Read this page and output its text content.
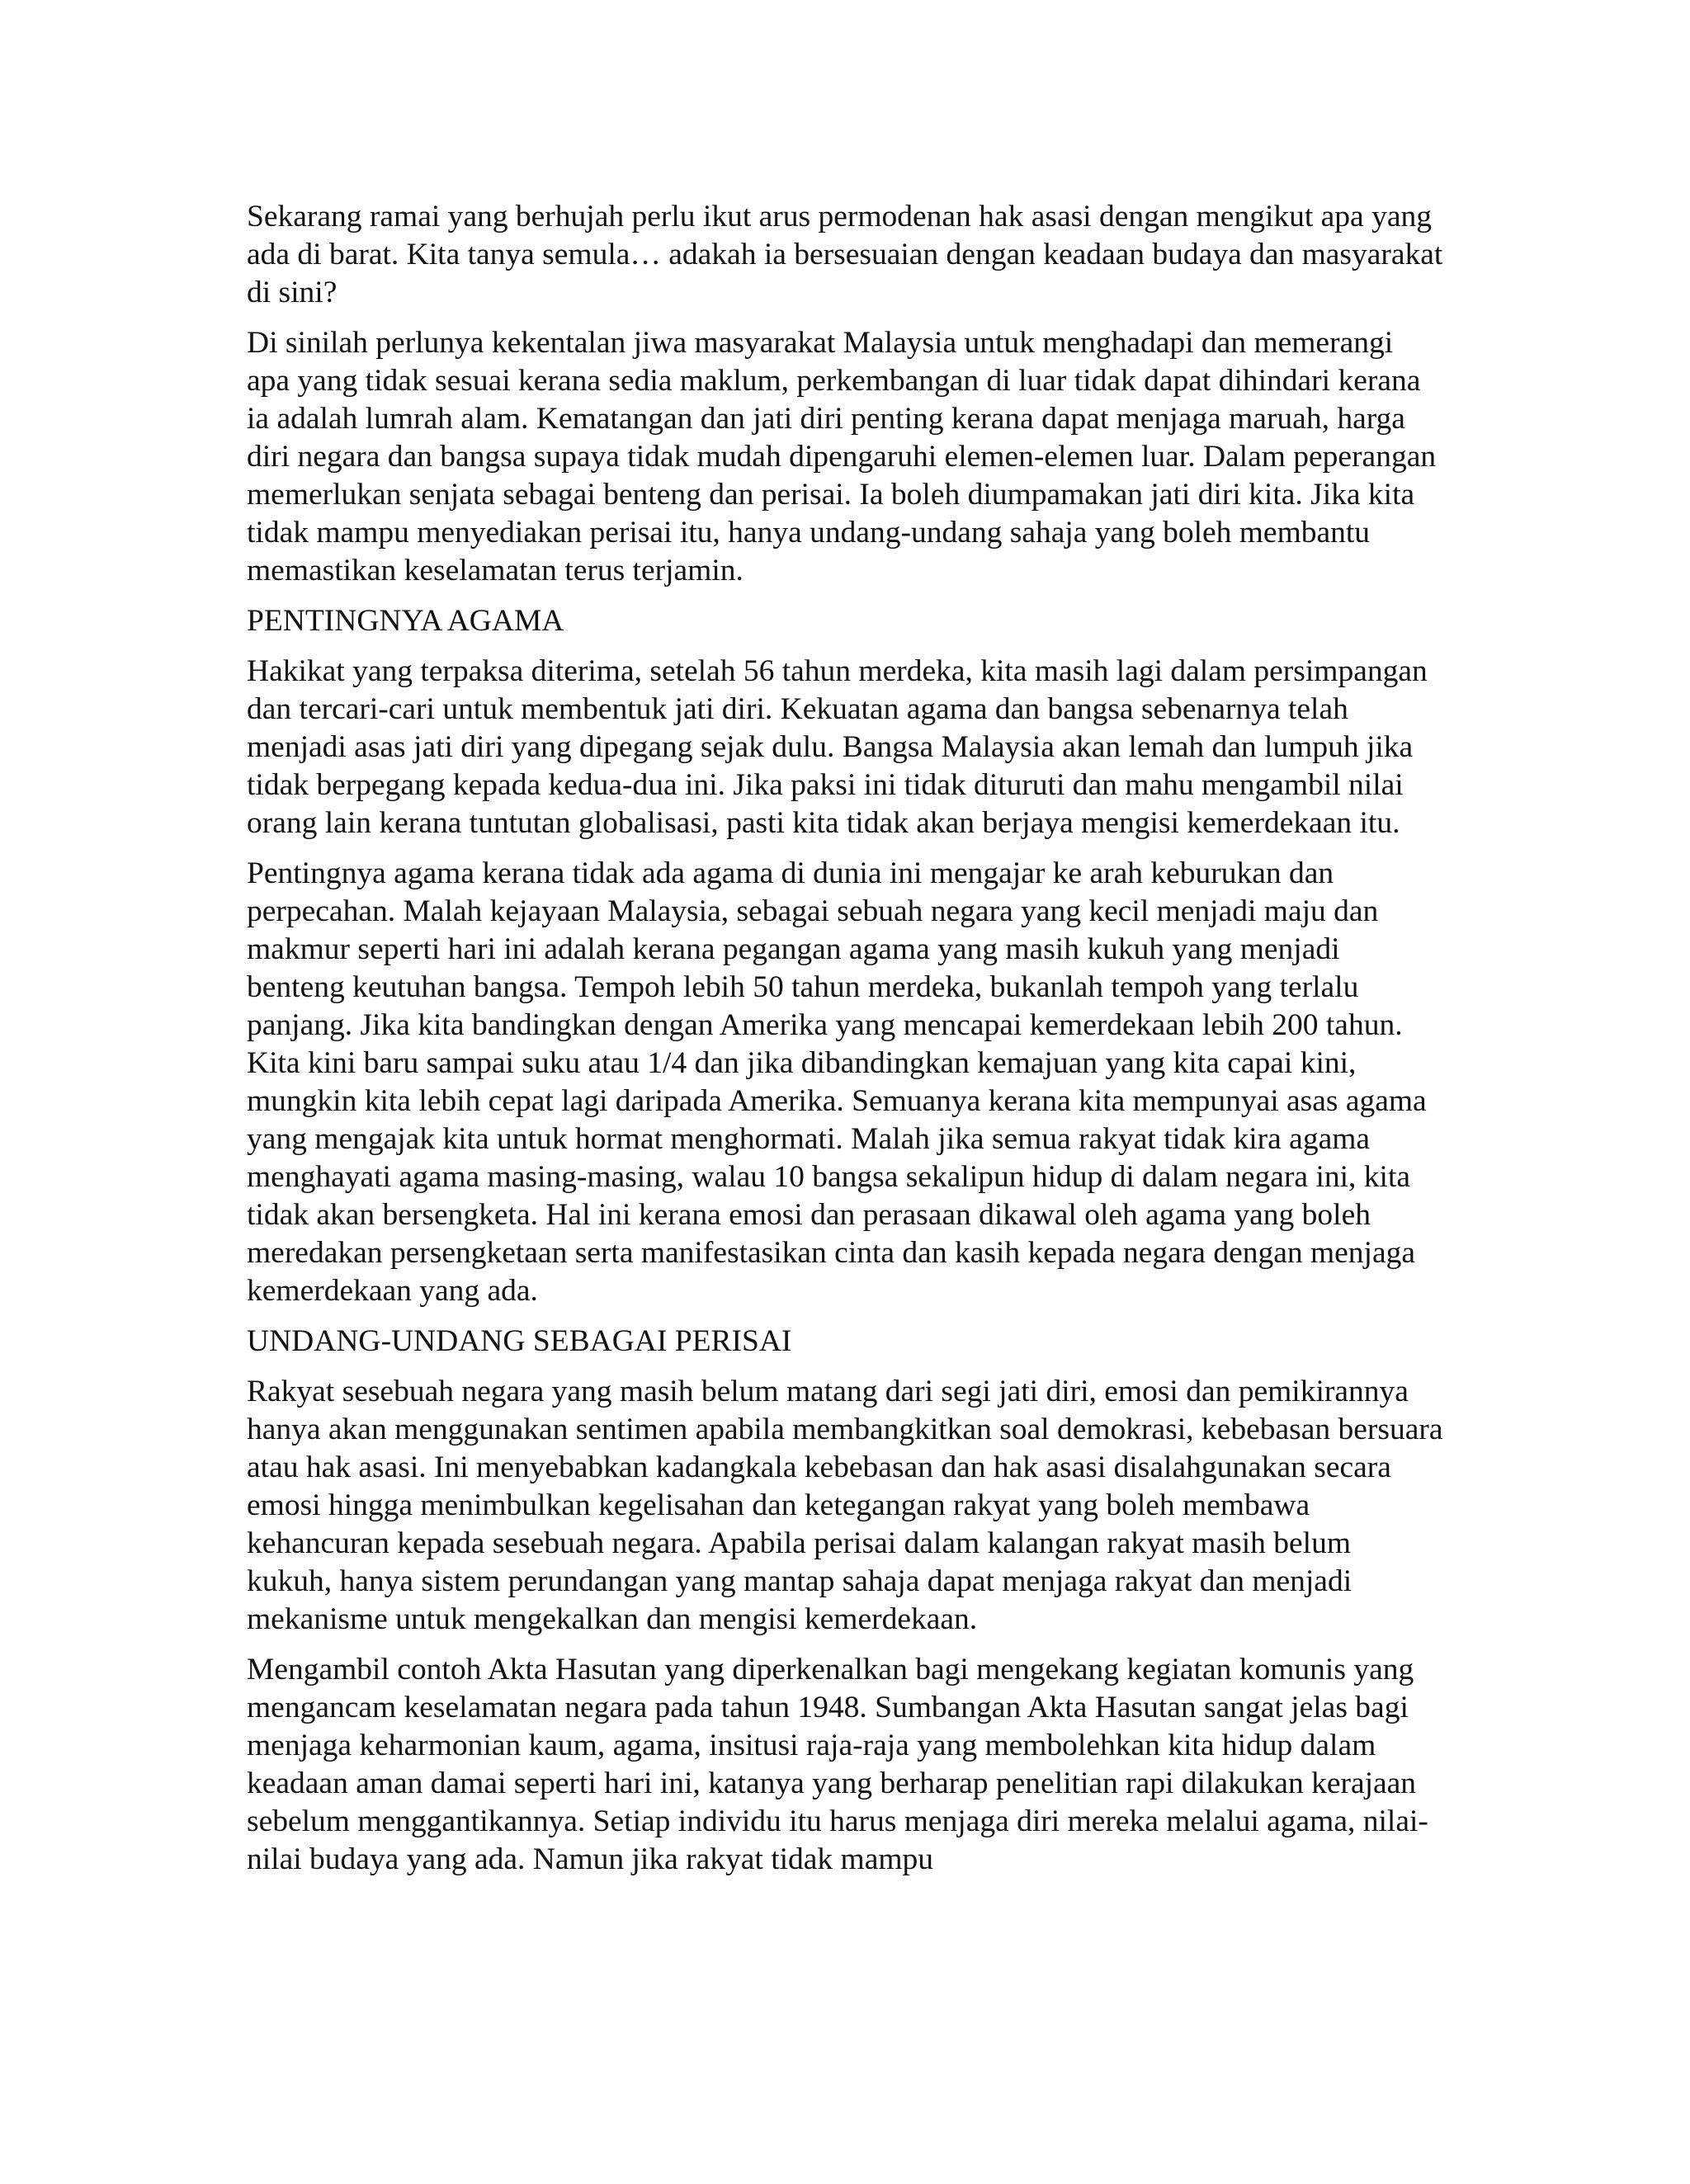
Sekarang ramai yang berhujah perlu ikut arus permodenan hak asasi dengan mengikut apa yang ada di barat. Kita tanya semula… adakah ia bersesuaian dengan keadaan budaya dan masyarakat di sini?

Di sinilah perlunya kekentalan jiwa masyarakat Malaysia untuk menghadapi dan memerangi apa yang tidak sesuai kerana sedia maklum, perkembangan di luar tidak dapat dihindari kerana ia adalah lumrah alam. Kematangan dan jati diri penting kerana dapat menjaga maruah, harga diri negara dan bangsa supaya tidak mudah dipengaruhi elemen-elemen luar. Dalam peperangan memerlukan senjata sebagai benteng dan perisai. Ia boleh diumpamakan jati diri kita. Jika kita tidak mampu menyediakan perisai itu, hanya undang-undang sahaja yang boleh membantu memastikan keselamatan terus terjamin.

PENTINGNYA AGAMA

Hakikat yang terpaksa diterima, setelah 56 tahun merdeka, kita masih lagi dalam persimpangan dan tercari-cari untuk membentuk jati diri. Kekuatan agama dan bangsa sebenarnya telah menjadi asas jati diri yang dipegang sejak dulu. Bangsa Malaysia akan lemah dan lumpuh jika tidak berpegang kepada kedua-dua ini. Jika paksi ini tidak dituruti dan mahu mengambil nilai orang lain kerana tuntutan globalisasi, pasti kita tidak akan berjaya mengisi kemerdekaan itu.

Pentingnya agama kerana tidak ada agama di dunia ini mengajar ke arah keburukan dan perpecahan. Malah kejayaan Malaysia, sebagai sebuah negara yang kecil menjadi maju dan makmur seperti hari ini adalah kerana pegangan agama yang masih kukuh yang menjadi benteng keutuhan bangsa. Tempoh lebih 50 tahun merdeka, bukanlah tempoh yang terlalu panjang. Jika kita bandingkan dengan Amerika yang mencapai kemerdekaan lebih 200 tahun. Kita kini baru sampai suku atau 1/4 dan jika dibandingkan kemajuan yang kita capai kini, mungkin kita lebih cepat lagi daripada Amerika. Semuanya kerana kita mempunyai asas agama yang mengajak kita untuk hormat menghormati. Malah jika semua rakyat tidak kira agama menghayati agama masing-masing, walau 10 bangsa sekalipun hidup di dalam negara ini, kita tidak akan bersengketa. Hal ini kerana emosi dan perasaan dikawal oleh agama yang boleh meredakan persengketaan serta manifestasikan cinta dan kasih kepada negara dengan menjaga kemerdekaan yang ada.

UNDANG-UNDANG SEBAGAI PERISAI

Rakyat sesebuah negara yang masih belum matang dari segi jati diri, emosi dan pemikirannya hanya akan menggunakan sentimen apabila membangkitkan soal demokrasi, kebebasan bersuara atau hak asasi. Ini menyebabkan kadangkala kebebasan dan hak asasi disalahgunakan secara emosi hingga menimbulkan kegelisahan dan ketegangan rakyat yang boleh membawa kehancuran kepada sesebuah negara. Apabila perisai dalam kalangan rakyat masih belum kukuh, hanya sistem perundangan yang mantap sahaja dapat menjaga rakyat dan menjadi mekanisme untuk mengekalkan dan mengisi kemerdekaan.

Mengambil contoh Akta Hasutan yang diperkenalkan bagi mengekang kegiatan komunis yang mengancam keselamatan negara pada tahun 1948. Sumbangan Akta Hasutan sangat jelas bagi menjaga keharmonian kaum, agama, insitusi raja-raja yang membolehkan kita hidup dalam keadaan aman damai seperti hari ini, katanya yang berharap penelitian rapi dilakukan kerajaan sebelum menggantikannya. Setiap individu itu harus menjaga diri mereka melalui agama, nilai-nilai budaya yang ada. Namun jika rakyat tidak mampu
